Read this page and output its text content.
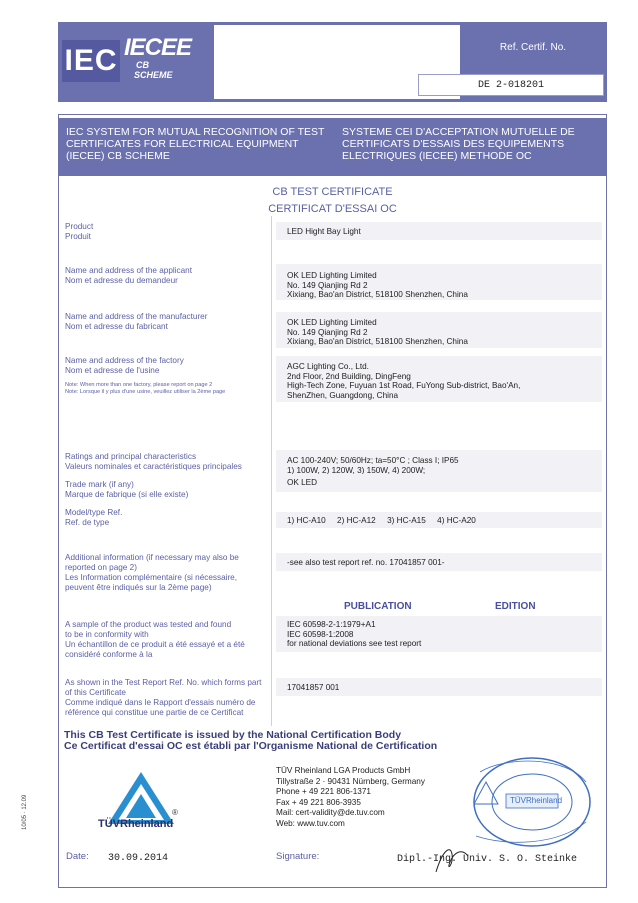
IEC IECEE
CB
SCHEME
Ref. Certif. No.
DE 2-018201
IEC SYSTEM FOR MUTUAL RECOGNITION OF TEST CERTIFICATES FOR ELECTRICAL EQUIPMENT (IECEE) CB SCHEME
SYSTEME CEI D'ACCEPTATION MUTUELLE DE CERTIFICATS D'ESSAIS DES EQUIPEMENTS ELECTRIQUES (IECEE) METHODE OC
CB TEST CERTIFICATE
CERTIFICAT D'ESSAI OC
Product
Produit
LED Hight Bay Light
Name and address of the applicant
Nom et adresse du demandeur
OK LED Lighting Limited
No. 149 Qianjing Rd 2
Xixiang, Bao'an District, 518100 Shenzhen, China
Name and address of the manufacturer
Nom et adresse du fabricant	OK LED Lighting Limited
No. 149 Qianjing Rd 2
Xixiang, Bao'an District, 518100 Shenzhen, China
Name and address of the factory
Nom et adresse de l'usine
Note: When more than one factory, please report on page 2
Note: Lorsque il y plus d'une usine, veuillez utiliser la 2ème page
AGC Lighting Co., Ltd.
2nd Floor, 2nd Building, DingFeng
High-Tech Zone, Fuyuan 1st Road, FuYong Sub-district, Bao'An,
ShenZhen, Guangdong, China
Ratings and principal characteristics
Valeurs nominales et caractéristiques principales
AC 100-240V; 50/60Hz; ta=50°C ; Class I; IP65
1) 100W, 2) 120W, 3) 150W, 4) 200W;
Trade mark (if any)
Marque de fabrique (si elle existe)
OK LED
Model/type Ref.
Ref. de type	1) HC-A10     2) HC-A12     3) HC-A15     4) HC-A20
Additional information (if necessary may also be
reported on page 2)
Les Information complémentaire (si nécessaire,
peuvent être indiqués sur la 2ème page)
-see also test report ref. no. 17041857 001-
PUBLICATION	EDITION
A sample of the product was tested and found
to be in conformity with
Un échantillon de ce produit a été essayé et a été
considéré conforme à la
IEC 60598-2-1:1979+A1
IEC 60598-1:2008
for national deviations see test report
As shown in the Test Report Ref. No. which forms part
of this Certificate
Comme indiqué dans le Rapport d'essais numéro de
référence qui constitue une partie de ce Certificat
17041857 001
This CB Test Certificate is issued by the National Certification Body
Ce Certificat d'essai OC est établi par l'Organisme National de Certification
TÜVRheinland
®
TÜV Rheinland LGA Products GmbH
Tillystraße 2 · 90431 Nürnberg, Germany
Phone + 49 221 806-1371
Fax + 49 221 806-3935
Mail: cert-validity@de.tuv.com
Web: www.tuv.com
TÜVRheinland
Date: 30.09.2014	Signature:	Dipl.-Ing. Univ. S. O. Steinke
10/05 · 12.09
